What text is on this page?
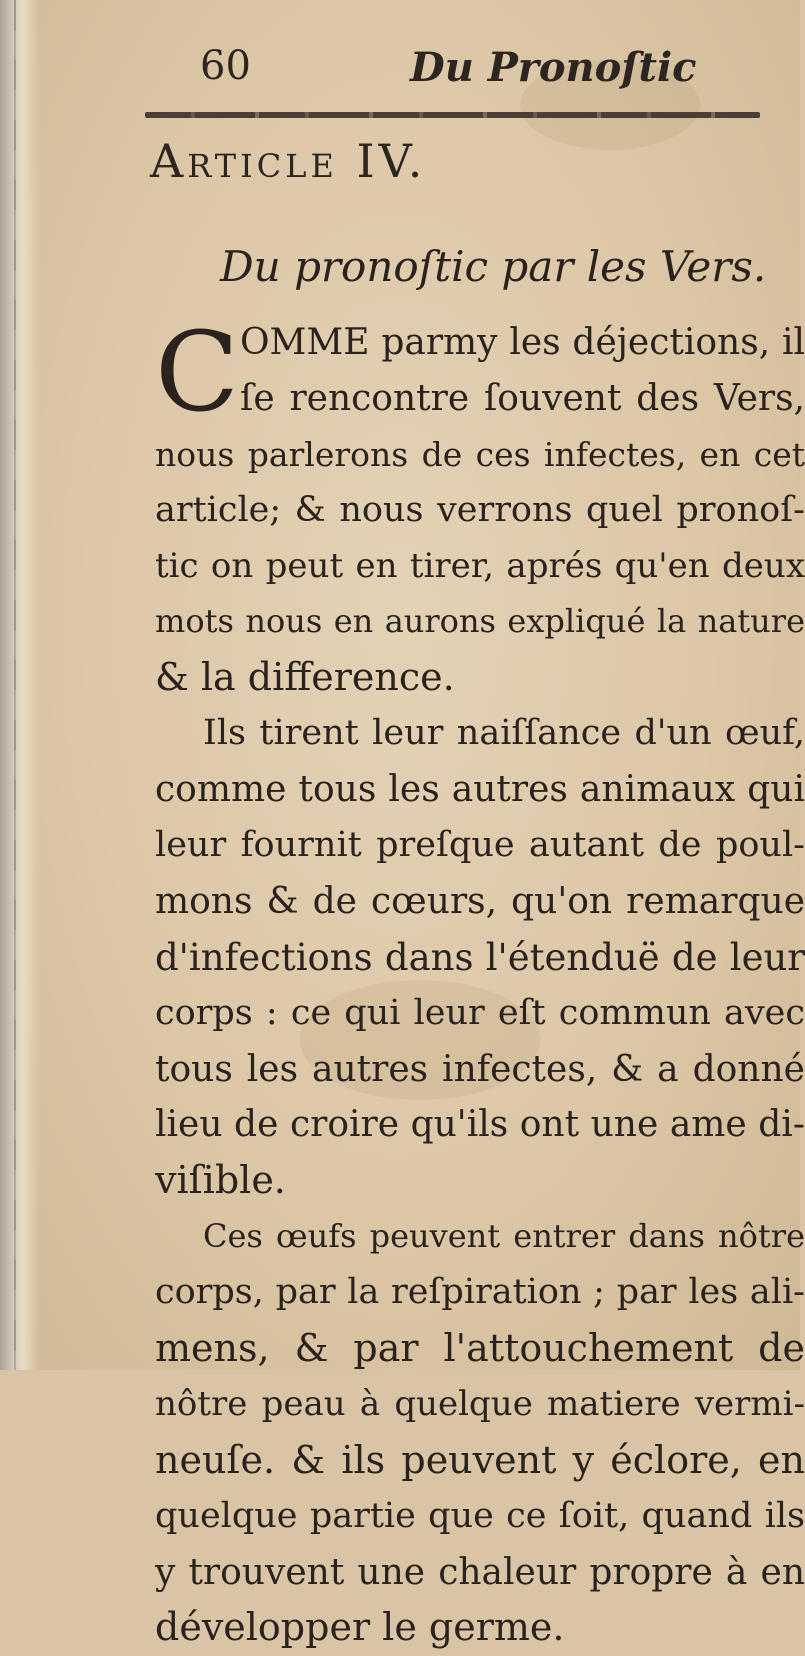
60	Du Pronoſtic
Article IV.
Du pronoſtic par les Vers.
C OMME parmy les déjections, il
ſe rencontre ſouvent des Vers,
nous parlerons de ces infectes, en cet
article; & nous verrons quel pronoſ-
tic on peut en tirer, aprés qu'en deux
mots nous en aurons expliqué la nature
& la difference.
Ils tirent leur naiſſance d'un œuf,
comme tous les autres animaux qui
leur fournit preſque autant de poul-
mons & de cœurs, qu'on remarque
d'infections dans l'étenduë de leur
corps : ce qui leur eſt commun avec
tous les autres infectes, & a donné
lieu de croire qu'ils ont une ame di-
viſible.
Ces œufs peuvent entrer dans nôtre
corps, par la reſpiration ; par les ali-
mens, & par l'attouchement de
nôtre peau à quelque matiere vermi-
neuſe. & ils peuvent y éclore, en
quelque partie que ce ſoit, quand ils
y trouvent une chaleur propre à en
développer le germe.
